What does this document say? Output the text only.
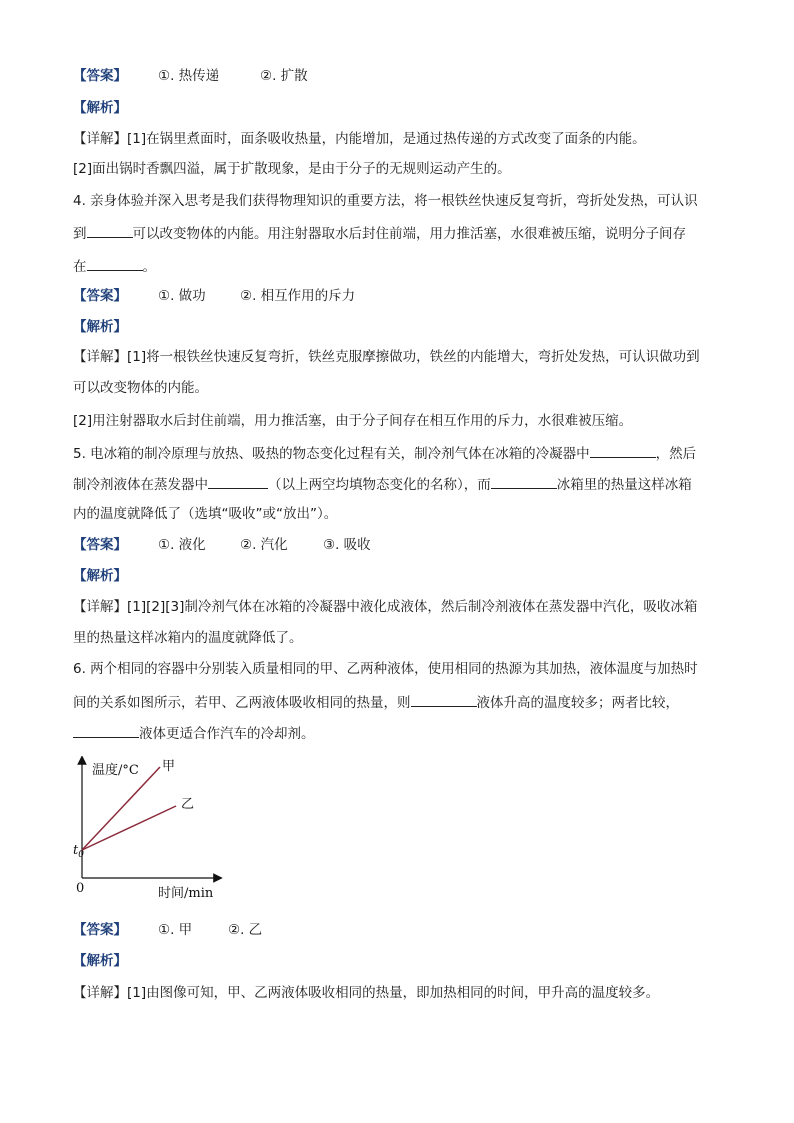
【答案】 ①. 热传递	②. 扩散
【解析】
【详解】[1]在锅里煮面时，面条吸收热量，内能增加，是通过热传递的方式改变了面条的内能。
[2]面出锅时香飘四溢，属于扩散现象，是由于分子的无规则运动产生的。
4. 亲身体验并深入思考是我们获得物理知识的重要方法，将一根铁丝快速反复弯折，弯折处发热，可认识
到	可以改变物体的内能。用注射器取水后封住前端，用力推活塞，水很难被压缩，说明分子间存
在	。
【答案】 ①. 做功	②. 相互作用的斥力
【解析】
【详解】[1]将一根铁丝快速反复弯折，铁丝克服摩擦做功，铁丝的内能增大，弯折处发热，可认识做功到
可以改变物体的内能。
[2]用注射器取水后封住前端，用力推活塞，由于分子间存在相互作用的斥力，水很难被压缩。
5. 电冰箱的制冷原理与放热、吸热的物态变化过程有关，制冷剂气体在冰箱的冷凝器中	，然后
制冷剂液体在蒸发器中	（以上两空均填物态变化的名称），而	冰箱里的热量这样冰箱
内的温度就降低了（选填“吸收”或“放出”）。
【答案】 ①. 液化	②. 汽化	③. 吸收
【解析】
【详解】[1][2][3]制冷剂气体在冰箱的冷凝器中液化成液体，然后制冷剂液体在蒸发器中汽化，吸收冰箱
里的热量这样冰箱内的温度就降低了。
6. 两个相同的容器中分别装入质量相同的甲、乙两种液体，使用相同的热源为其加热，液体温度与加热时
间的关系如图所示，若甲、乙两液体吸收相同的热量，则	液体升高的温度较多；两者比较，
液体更适合作汽车的冷却剂。
温度/°C 甲
乙
$t_0$
0	时间/min
【答案】 ①. 甲	②. 乙
【解析】
【详解】[1]由图像可知，甲、乙两液体吸收相同的热量，即加热相同的时间，甲升高的温度较多。
